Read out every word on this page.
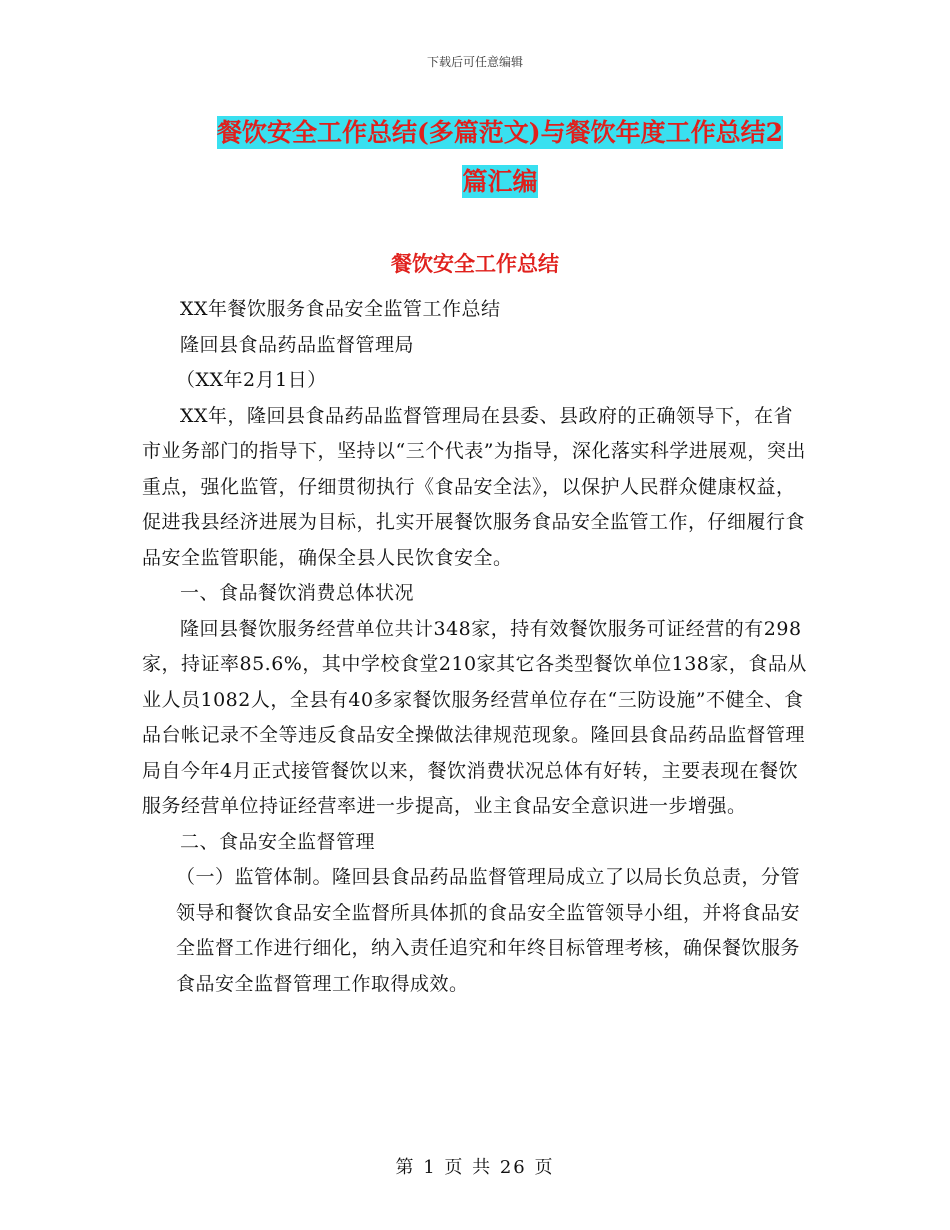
下载后可任意编辑
餐饮安全工作总结(多篇范文)与餐饮年度工作总结2
篇汇编
餐饮安全工作总结

XX年餐饮服务食品安全监管工作总结

隆回县食品药品监督管理局

（XX年2月1日）

XX年，隆回县食品药品监督管理局在县委、县政府的正确领导下，在省市业务部门的指导下，坚持以“三个代表”为指导，深化落实科学进展观，突出重点，强化监管，仔细贯彻执行《食品安全法》，以保护人民群众健康权益，促进我县经济进展为目标，扎实开展餐饮服务食品安全监管工作，仔细履行食品安全监管职能，确保全县人民饮食安全。

一、食品餐饮消费总体状况

隆回县餐饮服务经营单位共计348家，持有效餐饮服务可证经营的有298家，持证率85.6%，其中学校食堂210家其它各类型餐饮单位138家，食品从业人员1082人，全县有40多家餐饮服务经营单位存在“三防设施”不健全、食品台帐记录不全等违反食品安全操做法律规范现象。隆回县食品药品监督管理局自今年4月正式接管餐饮以来，餐饮消费状况总体有好转，主要表现在餐饮服务经营单位持证经营率进一步提高，业主食品安全意识进一步增强。

二、食品安全监督管理

（一）监管体制。隆回县食品药品监督管理局成立了以局长负总责，分管领导和餐饮食品安全监督所具体抓的食品安全监管领导小组，并将食品安全监督工作进行细化，纳入责任追究和年终目标管理考核，确保餐饮服务食品安全监督管理工作取得成效。

第 1 页 共 26 页
